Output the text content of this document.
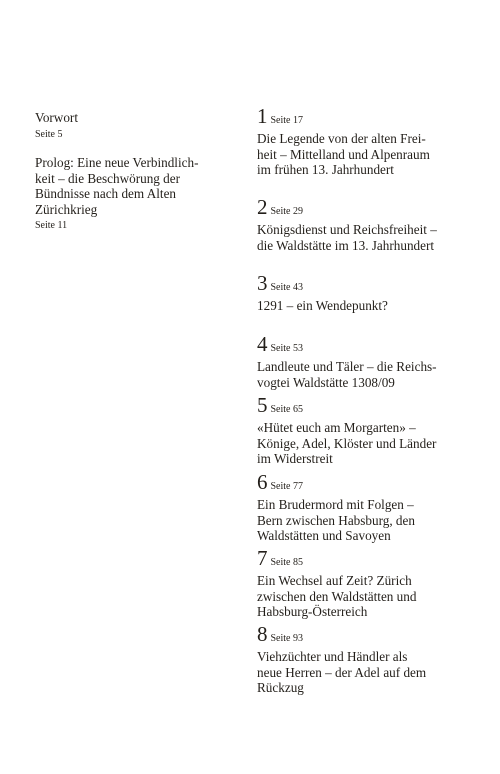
Vorwort
Seite 5
Prolog: Eine neue Verbindlich-
keit – die Beschwörung der
Bündnisse nach dem Alten
Zürichkrieg
Seite 11
1 Seite 17
Die Legende von der alten Frei-
heit – Mittelland und Alpenraum
im frühen 13. Jahrhundert
2 Seite 29
Königsdienst und Reichsfreiheit –
die Waldstätte im 13. Jahrhundert
3 Seite 43
1291 – ein Wendepunkt?
4 Seite 53
Landleute und Täler – die Reichs-
vogtei Waldstätte 1308/09
5 Seite 65
«Hütet euch am Morgarten» –
Könige, Adel, Klöster und Länder
im Widerstreit
6 Seite 77
Ein Brudermord mit Folgen –
Bern zwischen Habsburg, den
Waldstätten und Savoyen
7 Seite 85
Ein Wechsel auf Zeit? Zürich
zwischen den Waldstätten und
Habsburg-Österreich
8 Seite 93
Viehzüchter und Händler als
neue Herren – der Adel auf dem
Rückzug
